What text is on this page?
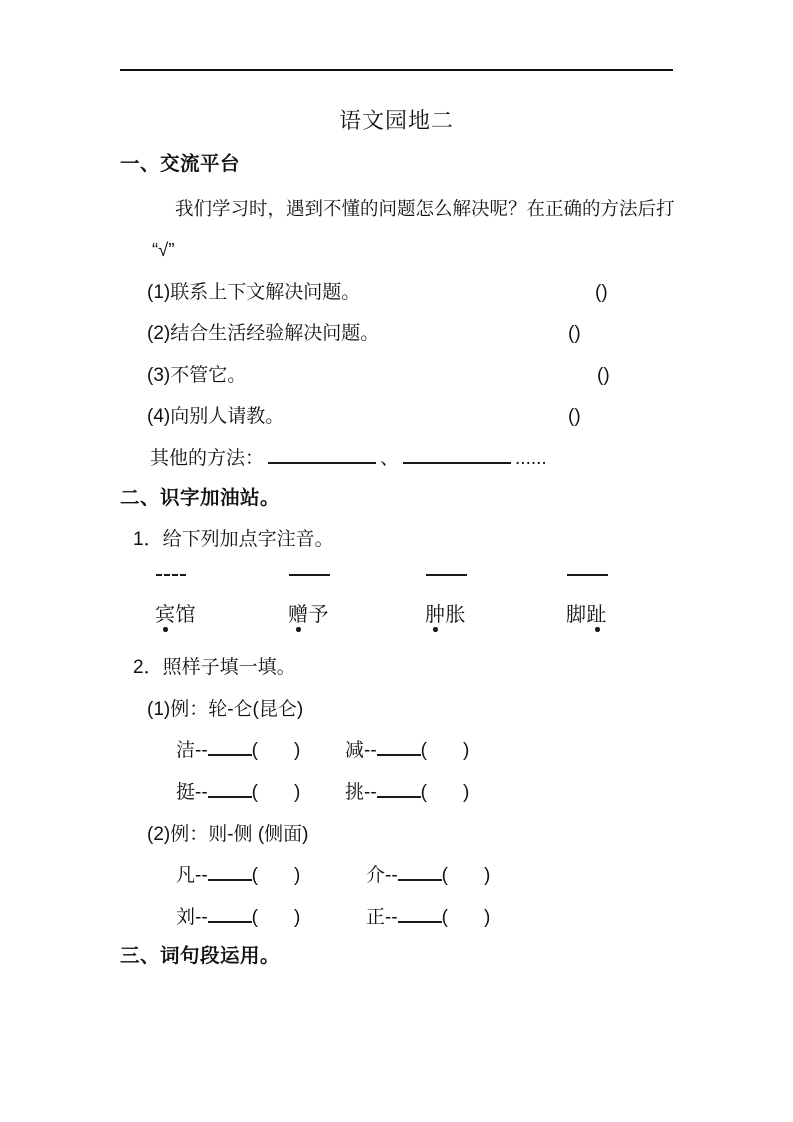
语文园地二
一、交流平台
我们学习时，遇到不懂的问题怎么解决呢？在正确的方法后打
“√”
(1)联系上下文解决问题。	()
(2)结合生活经验解决问题。	()
(3)不管它。	()
(4)向别人请教。	()
其他的方法：	、	......
二、识字加油站。
1．给下列加点字注音。
宾馆	赠予	肿胀	脚趾
2．照样子填一填。
(1)例：轮-仑(昆仑)
洁-- ( ) 减-- ( )
挺-- ( ) 挑-- ( )
(2)例：则-侧 (侧面)
凡-- ( )	介-- ( )
刘-- ( )	正-- ( )
三、词句段运用。
